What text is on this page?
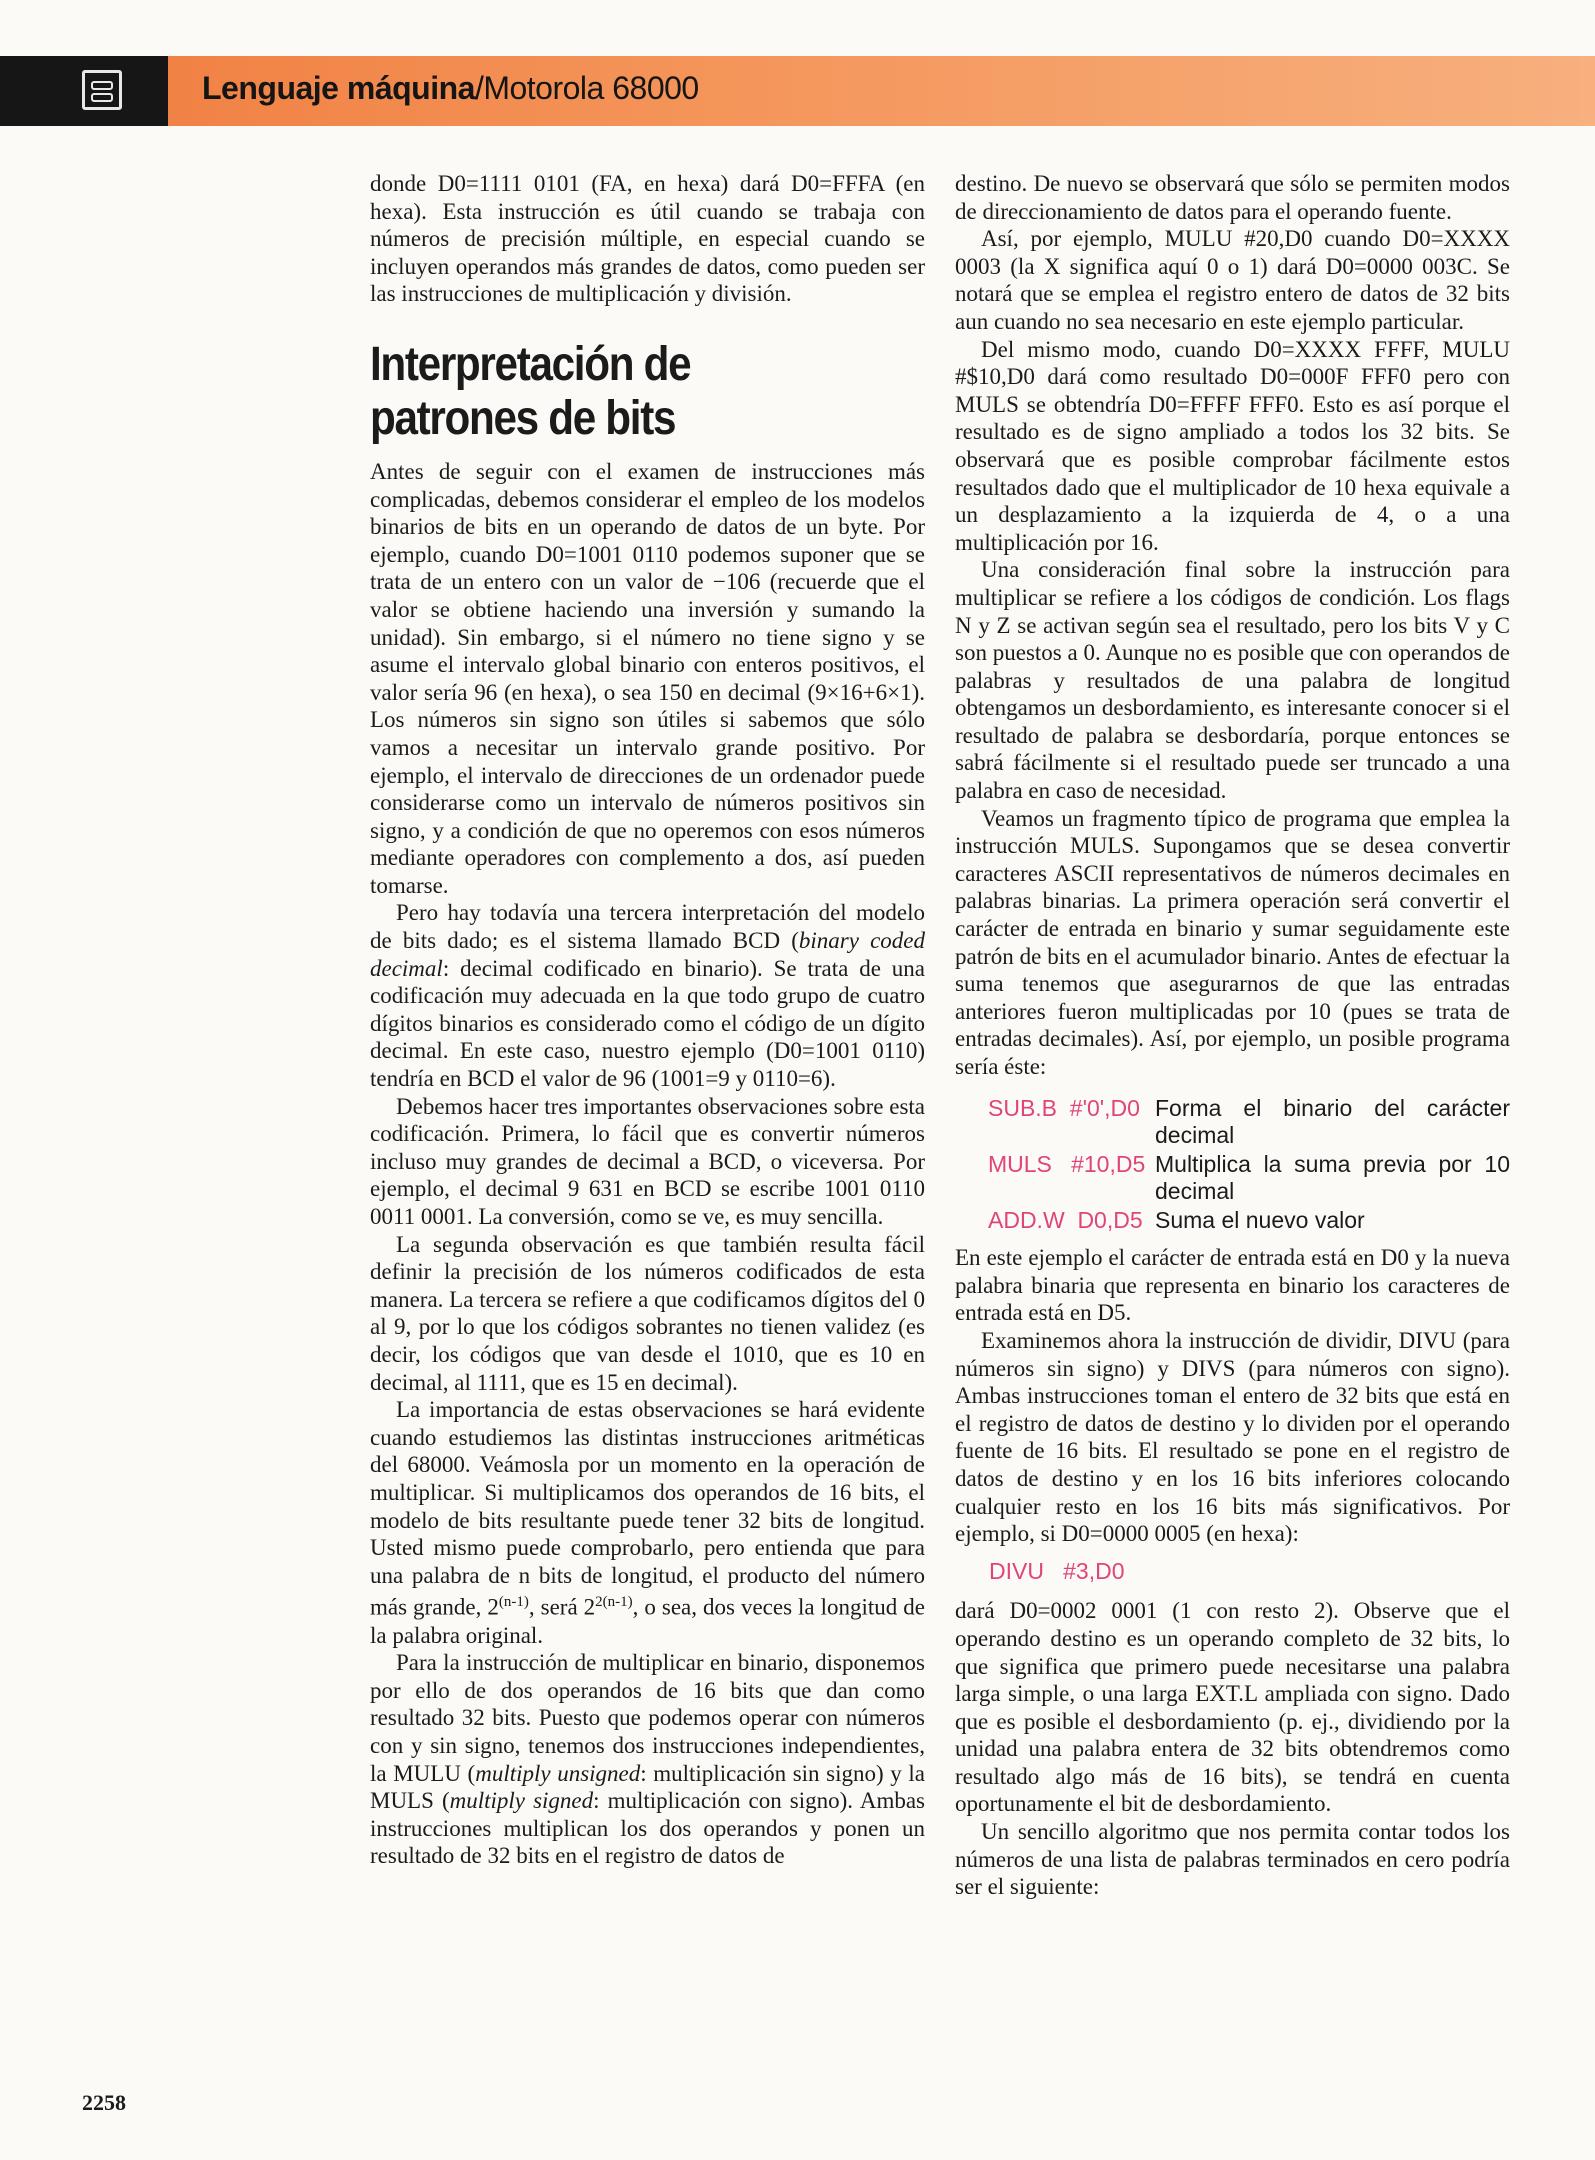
Lenguaje máquina/Motorola 68000

donde D0=1111 0101 (FA, en hexa) dará D0=FFFA (en hexa). Esta instrucción es útil cuando se trabaja con números de precisión múltiple, en especial cuando se incluyen operandos más grandes de datos, como pueden ser las instrucciones de multiplicación y división.

Interpretación de patrones de bits

Antes de seguir con el examen de instrucciones más complicadas, debemos considerar el empleo de los modelos binarios de bits en un operando de datos de un byte. Por ejemplo, cuando D0=1001 0110 podemos suponer que se trata de un entero con un valor de −106 (recuerde que el valor se obtiene haciendo una inversión y sumando la unidad). Sin embargo, si el número no tiene signo y se asume el intervalo global binario con enteros positivos, el valor sería 96 (en hexa), o sea 150 en decimal (9×16+6×1). Los números sin signo son útiles si sabemos que sólo vamos a necesitar un intervalo grande positivo. Por ejemplo, el intervalo de direcciones de un ordenador puede considerarse como un intervalo de números positivos sin signo, y a condición de que no operemos con esos números mediante operadores con complemento a dos, así pueden tomarse.

Pero hay todavía una tercera interpretación del modelo de bits dado; es el sistema llamado BCD (binary coded decimal: decimal codificado en binario). Se trata de una codificación muy adecuada en la que todo grupo de cuatro dígitos binarios es considerado como el código de un dígito decimal. En este caso, nuestro ejemplo (D0=1001 0110) tendría en BCD el valor de 96 (1001=9 y 0110=6).

Debemos hacer tres importantes observaciones sobre esta codificación. Primera, lo fácil que es convertir números incluso muy grandes de decimal a BCD, o viceversa. Por ejemplo, el decimal 9 631 en BCD se escribe 1001 0110 0011 0001. La conversión, como se ve, es muy sencilla.

La segunda observación es que también resulta fácil definir la precisión de los números codificados de esta manera. La tercera se refiere a que codificamos dígitos del 0 al 9, por lo que los códigos sobrantes no tienen validez (es decir, los códigos que van desde el 1010, que es 10 en decimal, al 1111, que es 15 en decimal).

La importancia de estas observaciones se hará evidente cuando estudiemos las distintas instrucciones aritméticas del 68000. Veámosla por un momento en la operación de multiplicar. Si multiplicamos dos operandos de 16 bits, el modelo de bits resultante puede tener 32 bits de longitud. Usted mismo puede comprobarlo, pero entienda que para una palabra de n bits de longitud, el producto del número más grande, 2$^{(n-1)}$, será $2^{2(n-1)}$, o sea, dos veces la longitud de la palabra original.

Para la instrucción de multiplicar en binario, disponemos por ello de dos operandos de 16 bits que dan como resultado 32 bits. Puesto que podemos operar con números con y sin signo, tenemos dos instrucciones independientes, la MULU (multiply unsigned: multiplicación sin signo) y la MULS (multiply signed: multiplicación con signo). Ambas instrucciones multiplican los dos operandos y ponen un resultado de 32 bits en el registro de datos de

destino. De nuevo se observará que sólo se permiten modos de direccionamiento de datos para el operando fuente.

Así, por ejemplo, MULU #20,D0 cuando D0=XXXX 0003 (la X significa aquí 0 o 1) dará D0=0000 003C. Se notará que se emplea el registro entero de datos de 32 bits aun cuando no sea necesario en este ejemplo particular.

Del mismo modo, cuando D0=XXXX FFFF, MULU #$10,D0 dará como resultado D0=000F FFF0 pero con MULS se obtendría D0=FFFF FFF0. Esto es así porque el resultado es de signo ampliado a todos los 32 bits. Se observará que es posible comprobar fácilmente estos resultados dado que el multiplicador de 10 hexa equivale a un desplazamiento a la izquierda de 4, o a una multiplicación por 16.

Una consideración final sobre la instrucción para multiplicar se refiere a los códigos de condición. Los flags N y Z se activan según sea el resultado, pero los bits V y C son puestos a 0. Aunque no es posible que con operandos de palabras y resultados de una palabra de longitud obtengamos un desbordamiento, es interesante conocer si el resultado de palabra se desbordaría, porque entonces se sabrá fácilmente si el resultado puede ser truncado a una palabra en caso de necesidad.

Veamos un fragmento típico de programa que emplea la instrucción MULS. Supongamos que se desea convertir caracteres ASCII representativos de números decimales en palabras binarias. La primera operación será convertir el carácter de entrada en binario y sumar seguidamente este patrón de bits en el acumulador binario. Antes de efectuar la suma tenemos que asegurarnos de que las entradas anteriores fueron multiplicadas por 10 (pues se trata de entradas decimales). Así, por ejemplo, un posible programa sería éste:

SUB.B  #'0',D0 Forma el binario del carácter decimal
MULS   #10,D5 Multiplica la suma previa por 10 decimal
ADD.W  D0,D5 Suma el nuevo valor

En este ejemplo el carácter de entrada está en D0 y la nueva palabra binaria que representa en binario los caracteres de entrada está en D5.

Examinemos ahora la instrucción de dividir, DIVU (para números sin signo) y DIVS (para números con signo). Ambas instrucciones toman el entero de 32 bits que está en el registro de datos de destino y lo dividen por el operando fuente de 16 bits. El resultado se pone en el registro de datos de destino y en los 16 bits inferiores colocando cualquier resto en los 16 bits más significativos. Por ejemplo, si D0=0000 0005 (en hexa):

DIVU   #3,D0

dará D0=0002 0001 (1 con resto 2). Observe que el operando destino es un operando completo de 32 bits, lo que significa que primero puede necesitarse una palabra larga simple, o una larga EXT.L ampliada con signo. Dado que es posible el desbordamiento (p. ej., dividiendo por la unidad una palabra entera de 32 bits obtendremos como resultado algo más de 16 bits), se tendrá en cuenta oportunamente el bit de desbordamiento.

Un sencillo algoritmo que nos permita contar todos los números de una lista de palabras terminados en cero podría ser el siguiente:

2258
